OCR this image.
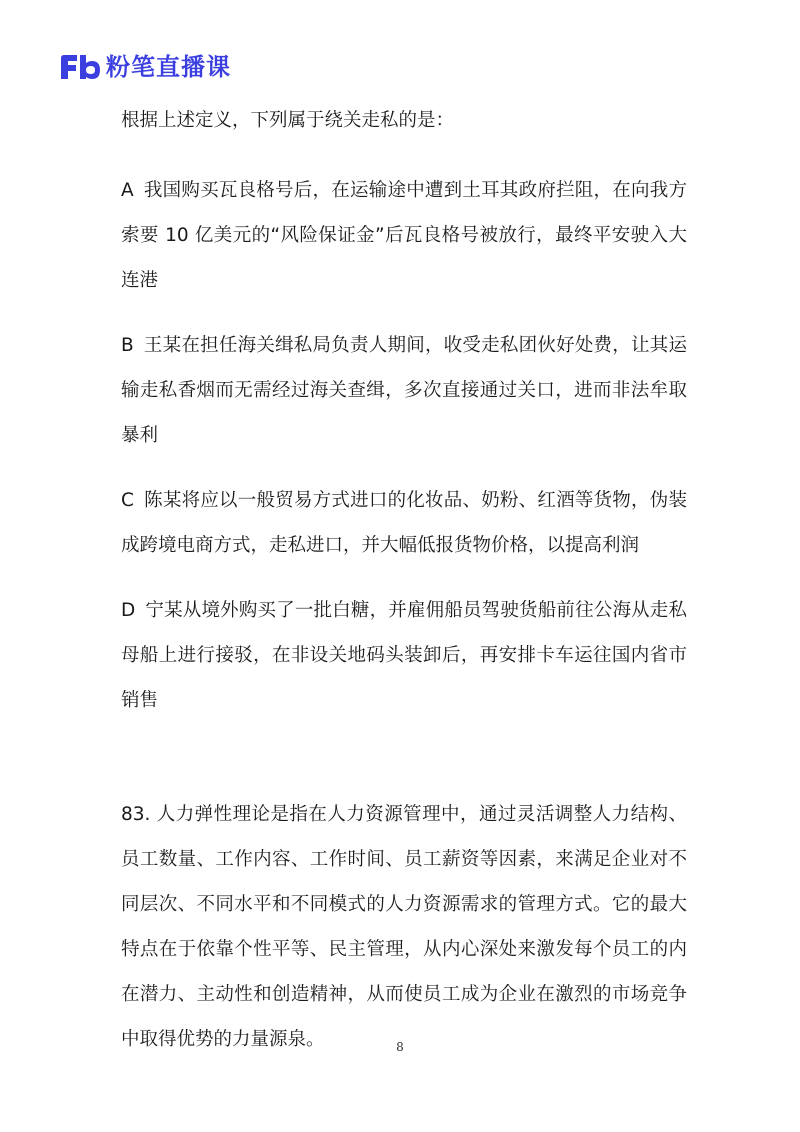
粉笔直播课

根据上述定义，下列属于绕关走私的是：

A 我国购买瓦良格号后，在运输途中遭到土耳其政府拦阻，在向我方索要 10 亿美元的“风险保证金”后瓦良格号被放行，最终平安驶入大连港

B 王某在担任海关缉私局负责人期间，收受走私团伙好处费，让其运输走私香烟而无需经过海关查缉，多次直接通过关口，进而非法牟取暴利

C 陈某将应以一般贸易方式进口的化妆品、奶粉、红酒等货物，伪装成跨境电商方式，走私进口，并大幅低报货物价格，以提高利润

D 宁某从境外购买了一批白糖，并雇佣船员驾驶货船前往公海从走私母船上进行接驳，在非设关地码头装卸后，再安排卡车运往国内省市销售

83. 人力弹性理论是指在人力资源管理中，通过灵活调整人力结构、员工数量、工作内容、工作时间、员工薪资等因素，来满足企业对不同层次、不同水平和不同模式的人力资源需求的管理方式。它的最大特点在于依靠个性平等、民主管理，从内心深处来激发每个员工的内在潜力、主动性和创造精神，从而使员工成为企业在激烈的市场竞争中取得优势的力量源泉。	8
